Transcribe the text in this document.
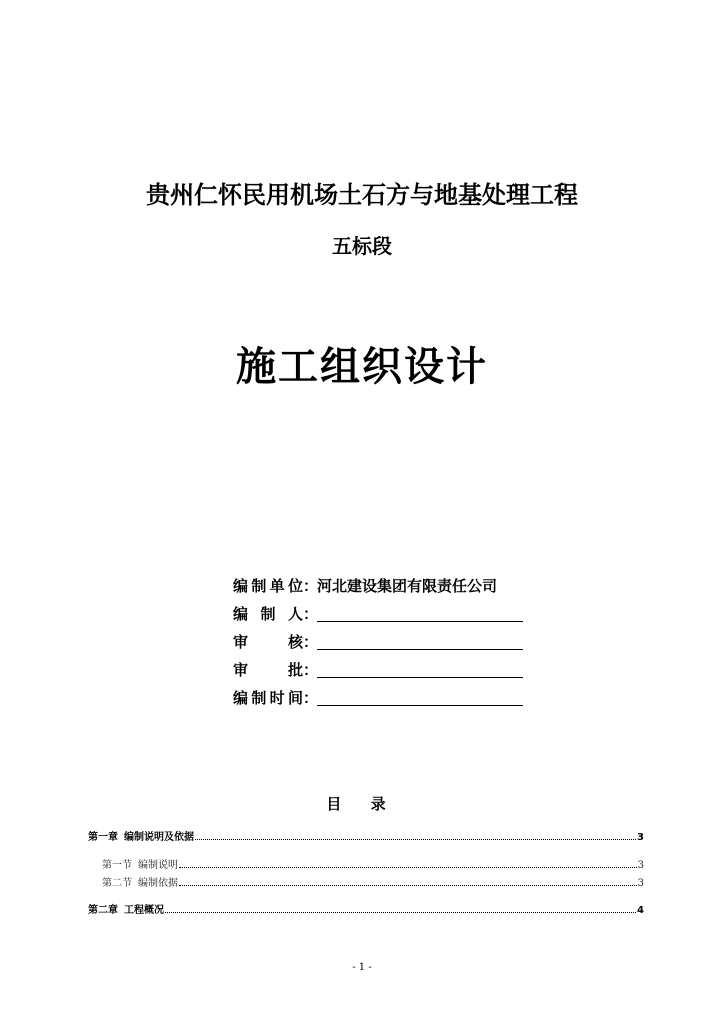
贵州仁怀民用机场土石方与地基处理工程
五标段
施工组织设计
编制单位 ：
河北建设集团有限责任公司
编 制 人 ：
审　　核 ：
审　　批 ：
编制时间 ：
目 录
第一章 编制说明及依据	3
第一节 编制说明	3
第二节 编制依据	3
第二章 工程概况	4
- 1 -
